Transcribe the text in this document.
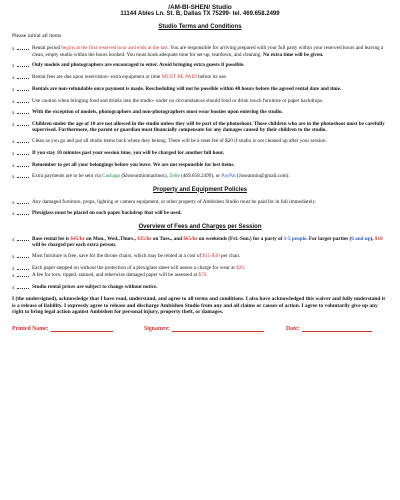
/AM-BI-SHEN/ Studio
11144 Ables Ln. St. B, Dallas TX 75299- tel. 469.658.2499
Studio Terms and Conditions
Please initial all items
x	Rental period begins at the first reserved hour and ends at the last. You are responsible for arriving prepared with your full party within your reserved hours and leaving a clean, empty studio within the hours booked. You must book adequate time for set-up, teardown, and cleaning. No extra time will be given.
x	Only models and photographers are encouraged to enter. Avoid bringing extra guests if possible.
x	Rental fees are due upon reservation- extra equipment or time MUST BE PAID before its use.
x	Rentals are non-refundable once payment is made. Rescheduling will not be possible within 48 hours before the agreed rental date and time.
x	Use caution when bringing food and drinks into the studio- under no circumstances should food or drink touch furniture or paper backdrops.
x	With the exception of models, photographers and non-photographers must wear booties upon entering the studio.
x	Children under the age of 10 are not allowed in the studio unless they will be part of the photoshoot. Those children who are in the photoshoot must be carefully supervised. Furthermore, the parent or guardian must financially compensate for any damages caused by their children to the studio.
x	Clean as you go and put all studio items back where they belong. There will be a reset fee of $20 if studio is not cleaned up after your session.
x	If you stay 10 minutes past your session time, you will be charged for another full hour.
x	Remember to get all your belongings before you leave. We are not responsible for lost items.
x	Extra payments are to be sent via Cashapp ($Josearminmartinez), Zelle (469.658.2499), or PayPal (Josearmin@gmail.com).
Property and Equipment Policies
x	Any damaged furniture, props, lighting or camera equipment, or other property of Ambishen Studio must be paid for in full immediately.
x	Plexiglass must be placed on each paper backdrop that will be used.
Overview of Fees and Charges per Session
x	Base rental fee is $45/hr on Mon., Wed.,Thurs., $35/hr on Tues., and $65/hr on weekends (Fri.-Sun.) for a party of 1-5 people. For larger parties (6 and up), $10 will be charged per each extra person.
x	Most furniture is free, save for the throne chairs, which may be rented at a cost of $15-$30 per chair.
x	Each paper stepped on without the protection of a plexiglass sheet will assess a charge for wear at $20.
x	A fee for torn, ripped, stained, and otherwise damaged paper will be assessed at $70.
x	Studio rental prices are subject to change without notice.
I (the undersigned), acknowledge that I have read, understand, and agree to all terms and conditions. I also have acknowledged this waiver and fully understand it is a release of liability. I expressly agree to release and discharge Ambishen Studio from any and all claims or causes of action. I agree to voluntarily give up any right to bring legal action against Ambishen for personal injury, property theft, or damages.
Printed Name:	Signature:	Date:
